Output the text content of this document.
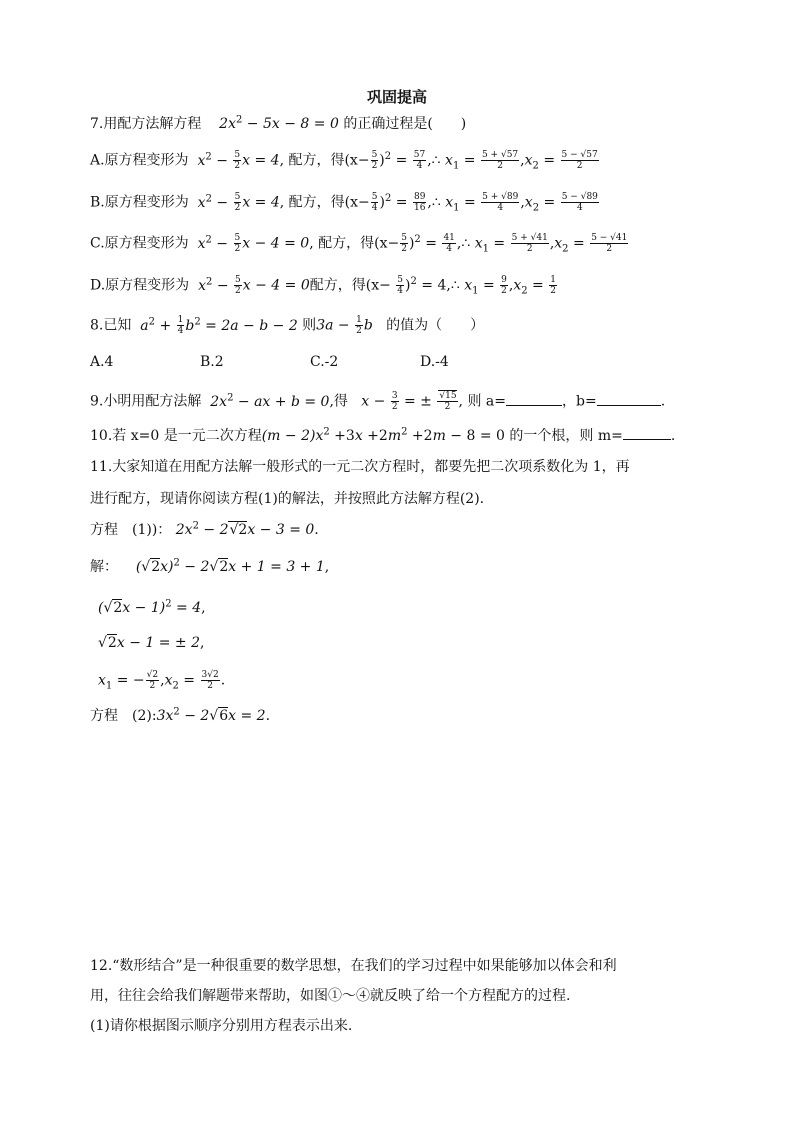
巩固提高
7.用配方法解方程 $2x^2 - 5x - 8 = 0$ 的正确过程是(　　)
A.原方程变形为 $x^2 - \frac{5}{2}$ x = 4, 配方，得$(x- \frac{5}{2} )^2 = \frac{57}{4}$ ,∴ $x_1 = \frac{5 + √57}{2} ,x_2 = \frac{5 - √57}{2}$
B.原方程变形为 $x^2 - \frac{5}{2}$ x = 4, 配方，得$(x- \frac{5}{4} )^2 = \frac{89}{16}$ ,∴ $x_1 = \frac{5 + √89}{4} ,x_2 = \frac{5 - √89}{4}$
C.原方程变形为 $x^2 - \frac{5}{2}$ x − 4 = 0, 配方，得$(x- \frac{5}{2} )^2 = \frac{41}{4}$ ,∴ $x_1 = \frac{5 + √41}{2} ,x_2 = \frac{5 - √41}{2}$
D.原方程变形为 $x^2 - \frac{5}{2}$ x − 4 = 0配方，得$(x- \frac{5}{4} )^2$ = 4,∴ $x_1 = \frac{9}{2} ,x_2 = \frac{1}{2}$
8.已知 $a^2 + \frac{1}{4} b^2 = 2a - b - 2$ 则$3a - \frac{1}{2}$ b 的值为（　　）
A.4	B.2	C.-2	D.-4
9.小明用配方法解 $2x^2$ − ax + b = 0,得   $x - \frac{3}{2}$ = ± $\frac{√15}{2}$ , 则 a=	，b=	.
10.若 x=0 是一元二次方程$(m - 2)x^2 +3x +2m^2 +2m - 8 = 0$ 的一个根，则 m=	.
11.大家知道在用配方法解一般形式的一元二次方程时，都要先把二次项系数化为 1，再
进行配方，现请你阅读方程(1)的解法，并按照此方法解方程(2).
方程　(1))： $2x^2 - 2√2x - 3 = 0$.
解： $(√2x)^2 - 2√2x + 1 = 3 + 1$,
$(√2x - 1)^2 = 4$,
√2x − 1 = ± 2,
$x_1$ = − $\frac{√2}{2} ,x_2 = \frac{3√2}{2}$ .
方程　$(2):3x^2 - 2√6x = 2$.
12.“数形结合”是一种很重要的数学思想，在我们的学习过程中如果能够加以体会和利
用，往往会给我们解题带来帮助，如图①～④就反映了给一个方程配方的过程.
(1)请你根据图示顺序分别用方程表示出来.
